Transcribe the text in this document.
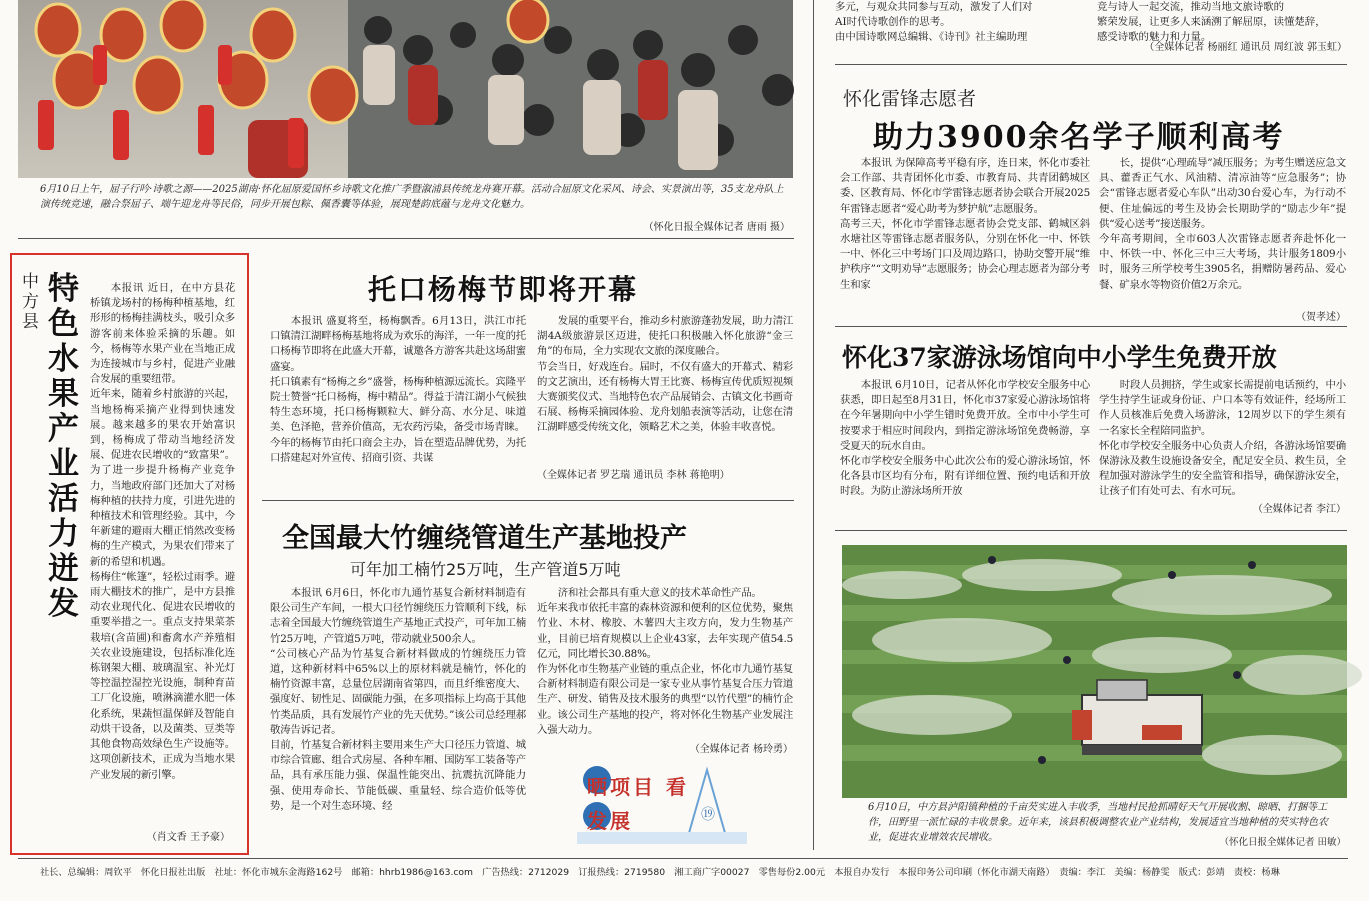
6月10日上午，屈子行吟·诗歌之源——2025湖南·怀化屈原爱国怀乡诗歌文化推广季暨溆浦县传统龙舟赛开幕。活动合屈原文化采风、诗会、实景演出等，35支龙舟队上演传统竞速，融合祭屈子、端午迎龙舟等民俗，同步开展包粽、佩香囊等体验，展现楚韵底蕴与龙舟文化魅力。
（怀化日报全媒体记者 唐雨 摄）
多元，与观众共同参与互动，激发了人们对
AI时代诗歌创作的思考。
由中国诗歌网总编辑、《诗刊》社主编助理
竞与诗人一起交流，推动当地文旅诗歌的
繁荣发展，让更多人来涵溯了解屈原，读懂楚辞，
感受诗歌的魅力和力量。
（全媒体记者 杨丽红 通讯员 周红波 郭玉虹）
怀化雷锋志愿者
助力3900余名学子顺利高考
本报讯 为保障高考平稳有序，连日来，怀化市委社会工作部、共青团怀化市委、市教育局、共青团鹤城区委、区教育局、怀化市学雷锋志愿者协会联合开展2025年雷锋志愿者“爱心助考为梦护航”志愿服务。
高考三天，怀化市学雷锋志愿者协会党支部、鹤城区斜水塘社区等雷锋志愿者服务队，分别在怀化一中、怀铁一中、怀化三中考场门口及周边路口，协助交警开展“维护秩序”“文明劝导”志愿服务；协会心理志愿者为部分考生和家
长，提供“心理疏导”减压服务；为考生赠送应急文具、藿香正气水、风油精、清凉油等“应急服务”；协会“雷锋志愿者爱心车队”出动30台爱心车，为行动不便、住址偏远的考生及协会长期助学的“励志少年”提供“爱心送考”接送服务。
今年高考期间，全市603人次雷锋志愿者奔赴怀化一中、怀铁一中、怀化三中三大考场，共计服务1809小时，服务三所学校考生3905名，捐赠防暑药品、爱心餐、矿泉水等物资价值2万余元。
（贺孝述）
怀化37家游泳场馆向中小学生免费开放
本报讯 6月10日，记者从怀化市学校安全服务中心获悉，即日起至8月31日，怀化市37家爱心游泳场馆将在今年暑期向中小学生错时免费开放。全市中小学生可按要求于相应时间段内，到指定游泳场馆免费畅游，享受夏天的玩水自由。
怀化市学校安全服务中心此次公布的爱心游泳场馆，怀化各县市区均有分布，附有详细位置、预约电话和开放时段。为防止游泳场所开放
时段人员拥挤，学生或家长需提前电话预约，中小学生持学生证或身份证、户口本等有效证件，经场所工作人员核准后免费入场游泳，12周岁以下的学生须有一名家长全程陪同监护。
怀化市学校安全服务中心负责人介绍，各游泳场馆要确保游泳及救生设施设备安全，配足安全员、救生员，全程加强对游泳学生的安全监管和指导，确保游泳安全，让孩子们有处可去、有水可玩。
（全媒体记者 李江）
6月10日，中方县泸阳镇种植的千亩芡实进入丰收季，当地村民抢抓晴好天气开展收割、晾晒、打捆等工作，田野里一派忙碌的丰收景象。近年来，该县积极调整农业产业结构，发展适宜当地种植的芡实特色农业，促进农业增效农民增收。	（怀化日报全媒体记者 田敏）
中方县
特色水果产业活力迸发
本报讯 近日，在中方县花桥镇龙场村的杨梅种植基地，红形形的杨梅挂满枝头，吸引众多游客前来体验采摘的乐趣。如今，杨梅等水果产业在当地正成为连接城市与乡村，促进产业融合发展的重要纽带。
近年来，随着乡村旅游的兴起，当地杨梅采摘产业得到快速发展。越来越多的果农开始富识到，杨梅成了带动当地经济发展、促进农民增收的“致富果”。为了进一步提升杨梅产业竞争力，当地政府部门还加大了对杨梅种植的扶持力度，引进先进的种植技术和管理经验。其中，今年新建的避雨大棚正悄然改变杨梅的生产模式，为果农们带来了新的希望和机遇。
杨梅住“帐篷”，轻松过雨季。避雨大棚技术的推广，是中方县推动农业现代化、促进农民增收的重要举措之一。重点支持果菜茶栽培(含苗圃)和畜禽水产养殖相关农业设施建设，包括标准化连栋钢架大棚、玻璃温室、补光灯等控温控湿控光设施，制种育苗工厂化设施，喷淋滴灌水肥一体化系统，果蔬恒温保鲜及智能自动烘干设备，以及菌类、豆类等其他食物高效绿色生产设施等。这项创新技术，正成为当地水果产业发展的新引擎。
（肖文香 王予豪）
托口杨梅节即将开幕
本报讯 盛夏将至，杨梅飘香。6月13日，洪江市托口镇清江湖畔杨梅基地将成为欢乐的海洋，一年一度的托口杨梅节即将在此盛大开幕，诚邀各方游客共赴这场甜蜜盛宴。
托口镇素有“杨梅之乡”盛誉，杨梅种植源远流长。宾隆平院士赞誉“托口杨梅，梅中精品”。得益于清江湖小气候独特生态环境，托口杨梅颗粒大、鲜分高、水分足、味道美、色泽艳，营养价值高，无农药污染，备受市场青睐。
今年的杨梅节由托口商会主办，旨在塑造品牌优势，为托口搭建起对外宣传、招商引资、共谋
发展的重要平台，推动乡村旅游蓬勃发展，助力清江湖4A级旅游景区迈进，使托口积极融入怀化旅游“金三角”的布局，全力实现农文旅的深度融合。
节会当日，好戏连台。届时，不仅有盛大的开幕式、精彩的文艺演出，还有杨梅大胃王比赛、杨梅宣传优质短视频大赛颁奖仪式、当地特色农产品展销会、古镇文化书画奇石展、杨梅采摘园体验、龙舟划船表演等活动，让您在清江湖畔感受传统文化，领略艺术之美，体验丰收喜悦。
（全媒体记者 罗艺瑞 通讯员 李林 蒋艳明）
全国最大竹缠绕管道生产基地投产
可年加工楠竹25万吨，生产管道5万吨
本报讯 6月6日，怀化市九通竹基复合新材料制造有限公司生产车间，一根大口径竹缠绕压力管顺利下线，标志着全国最大竹缠绕管道生产基地正式投产，可年加工楠竹25万吨，产管道5万吨，带动就业500余人。
“公司核心产品为竹基复合新材料做成的竹缠绕压力管道，这种新材料中65%以上的原材料就是楠竹，怀化的楠竹资源丰富，总量位居湖南省第四，而且纤维密度大、强度好、韧性足、固碳能力强，在多项指标上均高于其他竹类品质，具有发展竹产业的先天优势。”该公司总经理郝敬涛告诉记者。
目前，竹基复合新材料主要用来生产大口径压力管道、城市综合管廊、组合式房屋、各种车厢、国防军工装备等产品，具有承压能力强、保温性能突出、抗震抗沉降能力强、使用寿命长、节能低碳、重量轻、综合造价低等优势，是一个对生态环境、经
济和社会都具有重大意义的技术革命性产品。
近年来我市依托丰富的森林资源和便利的区位优势，聚焦竹业、木材、橡胶、木薯四大主攻方向，发力生物基产业，目前已培育规模以上企业43家，去年实现产值54.5亿元，同比增长30.88%。
作为怀化市生物基产业链的重点企业，怀化市九通竹基复合新材料制造有限公司是一家专业从事竹基复合压力管道生产、研发、销售及技术服务的典型“以竹代塑”的楠竹企业。该公司生产基地的投产，将对怀化生物基产业发展注入强大动力。
（全媒体记者 杨玲勇）
晒项目 看发展	⑲
社长、总编辑：周钦平　怀化日报社出版　社址：怀化市城东金海路162号　邮箱：hhrb1986@163.com　广告热线：2712029　订报热线：2719580　湘工商广字00027　零售每份2.00元　本报自办发行　本报印务公司印刷（怀化市湖天南路）　责编：李江　美编：杨静雯　版式：彭靖　责校：杨琳
